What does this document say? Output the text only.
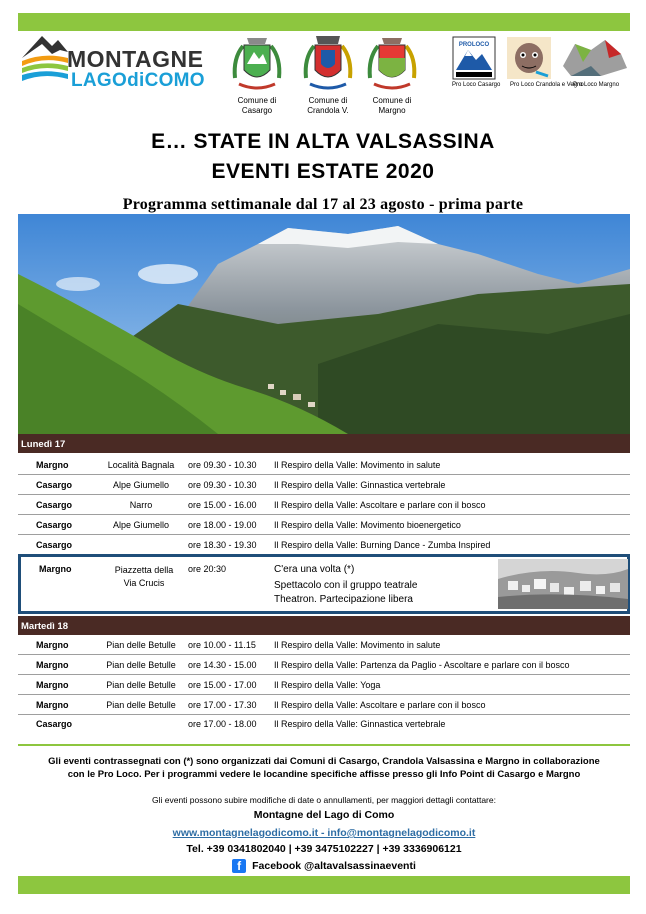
MONTAGNE
LAGOdiCOMO
Comune di Casargo
Comune di Crandola V.
Comune di Margno
PROLOCO
Pro Loco Casargo Pro Loco Crandola e Vegno
Pro Loco Margno
E… STATE IN ALTA VALSASSINA
EVENTI ESTATE 2020
Programma settimanale dal 17 al 23 agosto - prima parte
Lunedì 17
Margno	Località Bagnala	ore 09.30 - 10.30 Il Respiro della Valle: Movimento in salute
Casargo	Alpe Giumello	ore 09.30 - 10.30 Il Respiro della Valle: Ginnastica vertebrale
Casargo	Narro	ore 15.00 - 16.00 Il Respiro della Valle: Ascoltare e parlare con il bosco
Casargo	Alpe Giumello	ore 18.00 - 19.00 Il Respiro della Valle: Movimento bioenergetico
Casargo	ore 18.30 - 19.30 Il Respiro della Valle: Burning Dance - Zumba Inspired
Margno	Piazzetta della
Via Crucis
ore 20:30	C'era una volta (*)
Spettacolo con il gruppo teatrale
Theatron. Partecipazione libera
Martedì 18
Margno	Pian delle Betulle	ore 10.00 - 11.15 Il Respiro della Valle: Movimento in salute
Margno	Pian delle Betulle	ore 14.30 - 15.00 Il Respiro della Valle: Partenza da Paglio - Ascoltare e parlare con il bosco
Margno	Pian delle Betulle	ore 15.00 - 17.00 Il Respiro della Valle: Yoga
Margno	Pian delle Betulle	ore 17.00 - 17.30 Il Respiro della Valle: Ascoltare e parlare con il bosco
Casargo	ore 17.00 - 18.00 Il Respiro della Valle: Ginnastica vertebrale
Gli eventi contrassegnati con (*) sono organizzati dai Comuni di Casargo, Crandola Valsassina e Margno in collaborazione
con le Pro Loco. Per i programmi vedere le locandine specifiche affisse presso gli Info Point di Casargo e Margno
Gli eventi possono subire modifiche di date o annullamenti, per maggiori dettagli contattare:
Montagne del Lago di Como
www.montagnelagodicomo.it - info@montagnelagodicomo.it
Tel. +39 0341802040 | +39 3475102227 | +39 3336906121
f	Facebook @altavalsassinaeventi
